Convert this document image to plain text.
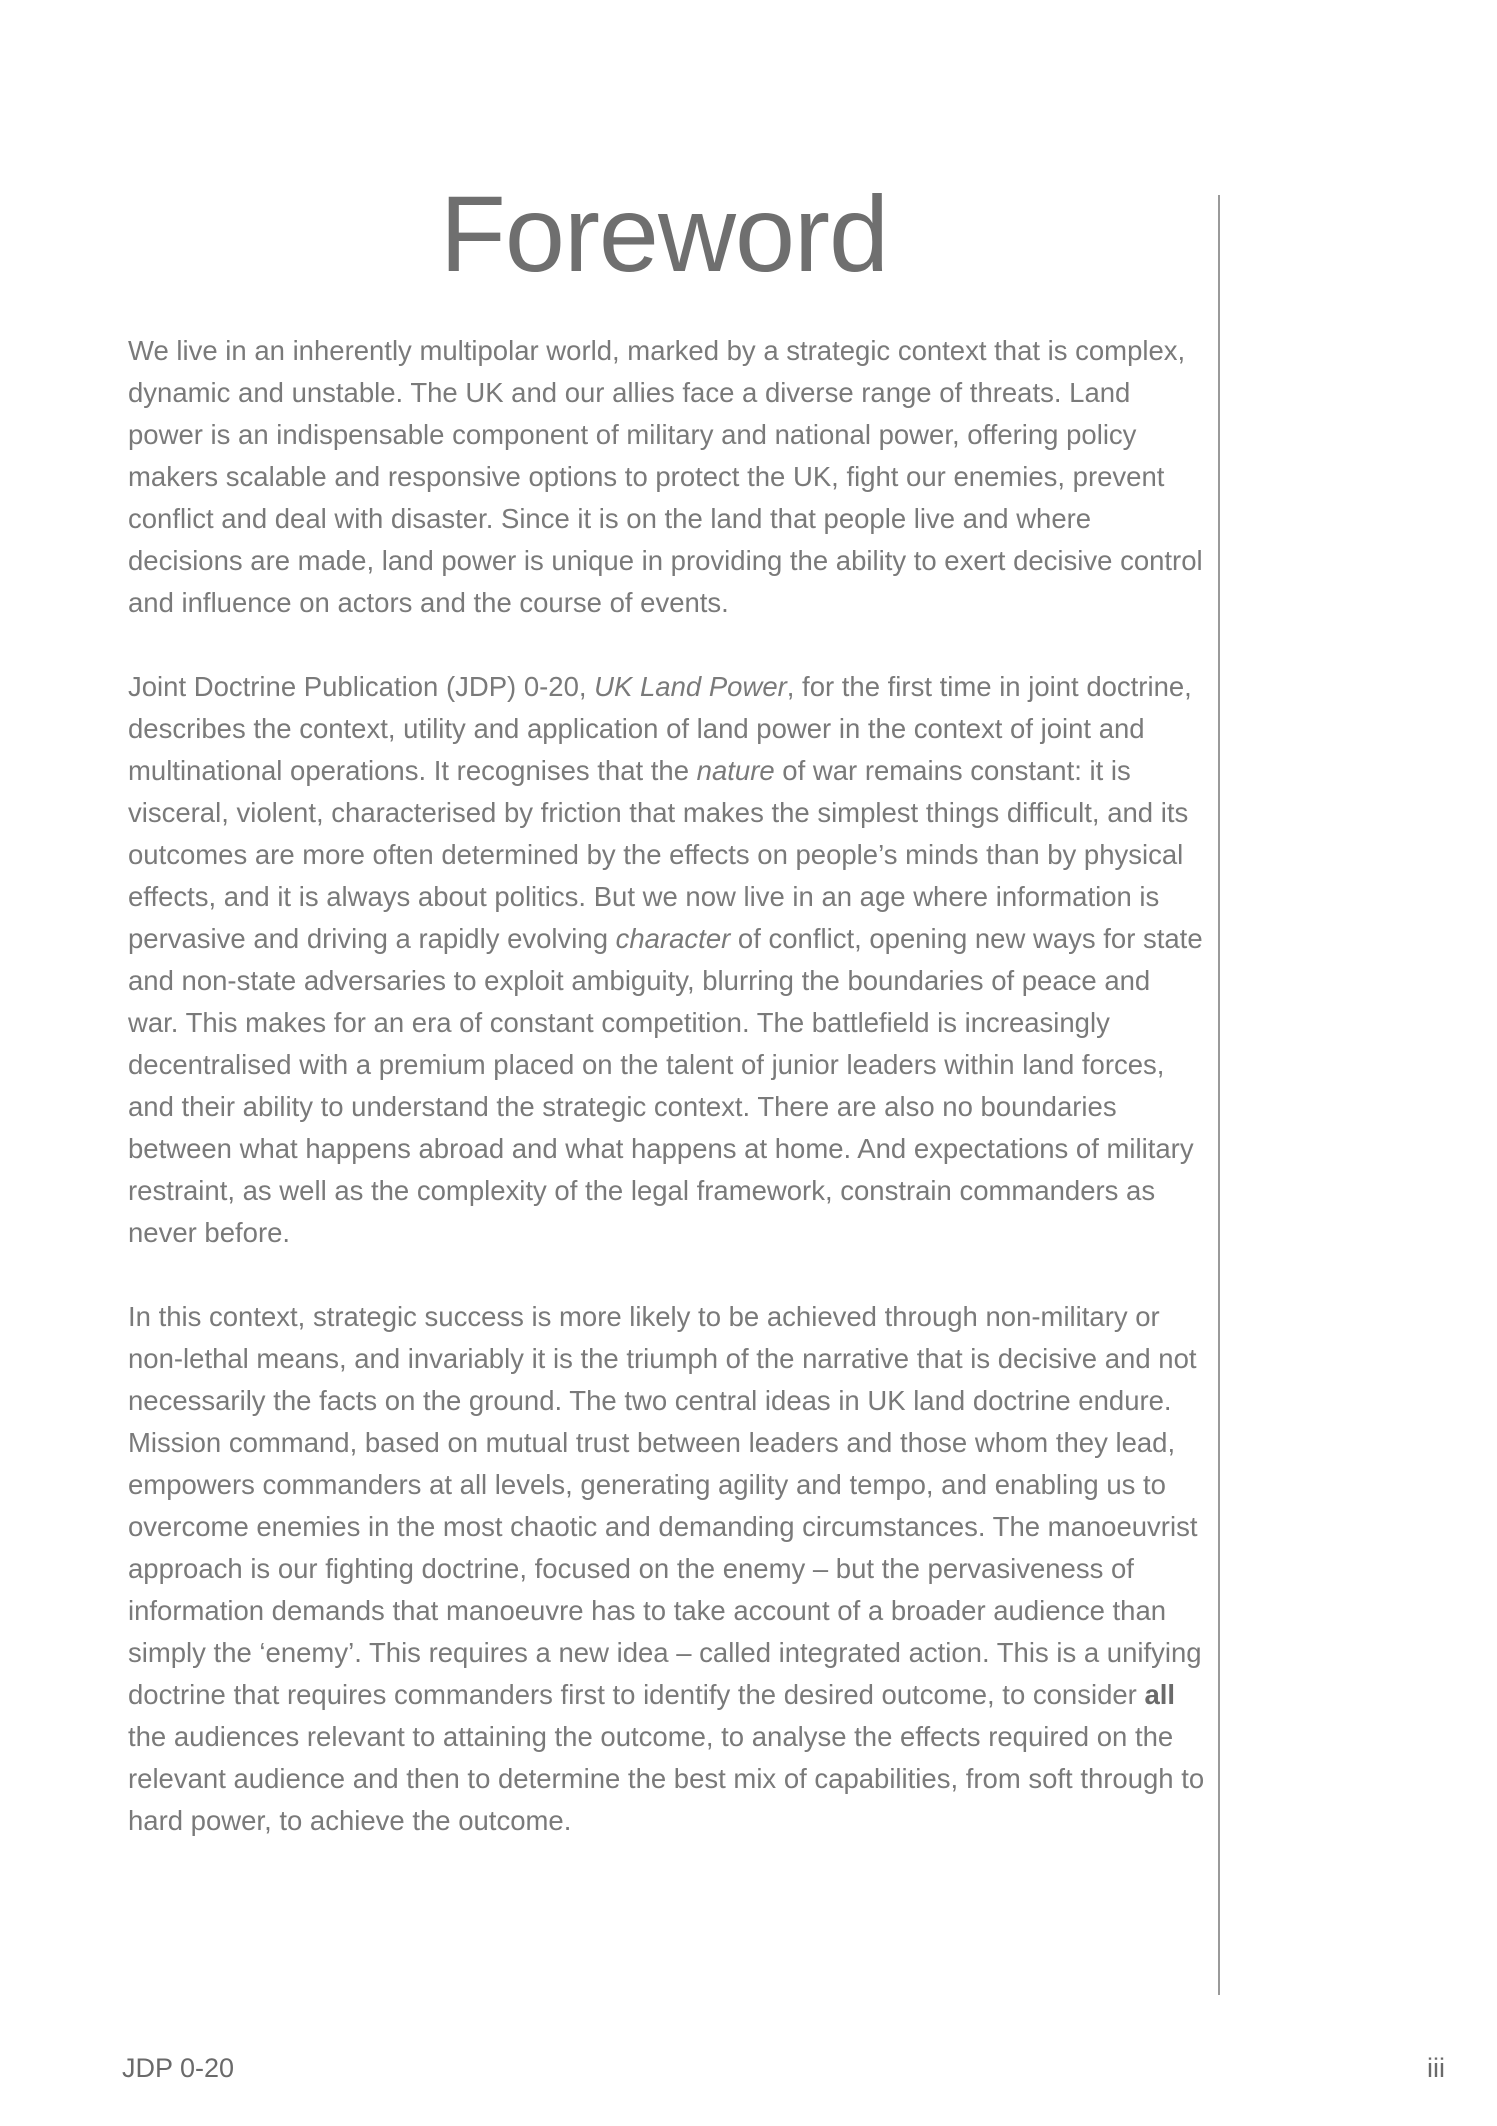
Foreword

We live in an inherently multipolar world, marked by a strategic context that is complex, dynamic and unstable. The UK and our allies face a diverse range of threats. Land power is an indispensable component of military and national power, offering policy makers scalable and responsive options to protect the UK, fight our enemies, prevent conflict and deal with disaster. Since it is on the land that people live and where decisions are made, land power is unique in providing the ability to exert decisive control and influence on actors and the course of events.

Joint Doctrine Publication (JDP) 0-20, UK Land Power, for the first time in joint doctrine, describes the context, utility and application of land power in the context of joint and multinational operations. It recognises that the nature of war remains constant: it is visceral, violent, characterised by friction that makes the simplest things difficult, and its outcomes are more often determined by the effects on people’s minds than by physical effects, and it is always about politics. But we now live in an age where information is pervasive and driving a rapidly evolving character of conflict, opening new ways for state and non-state adversaries to exploit ambiguity, blurring the boundaries of peace and war. This makes for an era of constant competition. The battlefield is increasingly decentralised with a premium placed on the talent of junior leaders within land forces, and their ability to understand the strategic context. There are also no boundaries between what happens abroad and what happens at home. And expectations of military restraint, as well as the complexity of the legal framework, constrain commanders as never before.

In this context, strategic success is more likely to be achieved through non-military or non-lethal means, and invariably it is the triumph of the narrative that is decisive and not necessarily the facts on the ground. The two central ideas in UK land doctrine endure. Mission command, based on mutual trust between leaders and those whom they lead, empowers commanders at all levels, generating agility and tempo, and enabling us to overcome enemies in the most chaotic and demanding circumstances. The manoeuvrist approach is our fighting doctrine, focused on the enemy – but the pervasiveness of information demands that manoeuvre has to take account of a broader audience than simply the ‘enemy’. This requires a new idea – called integrated action. This is a unifying doctrine that requires commanders first to identify the desired outcome, to consider all the audiences relevant to attaining the outcome, to analyse the effects required on the relevant audience and then to determine the best mix of capabilities, from soft through to hard power, to achieve the outcome.

JDP 0-20	iii
